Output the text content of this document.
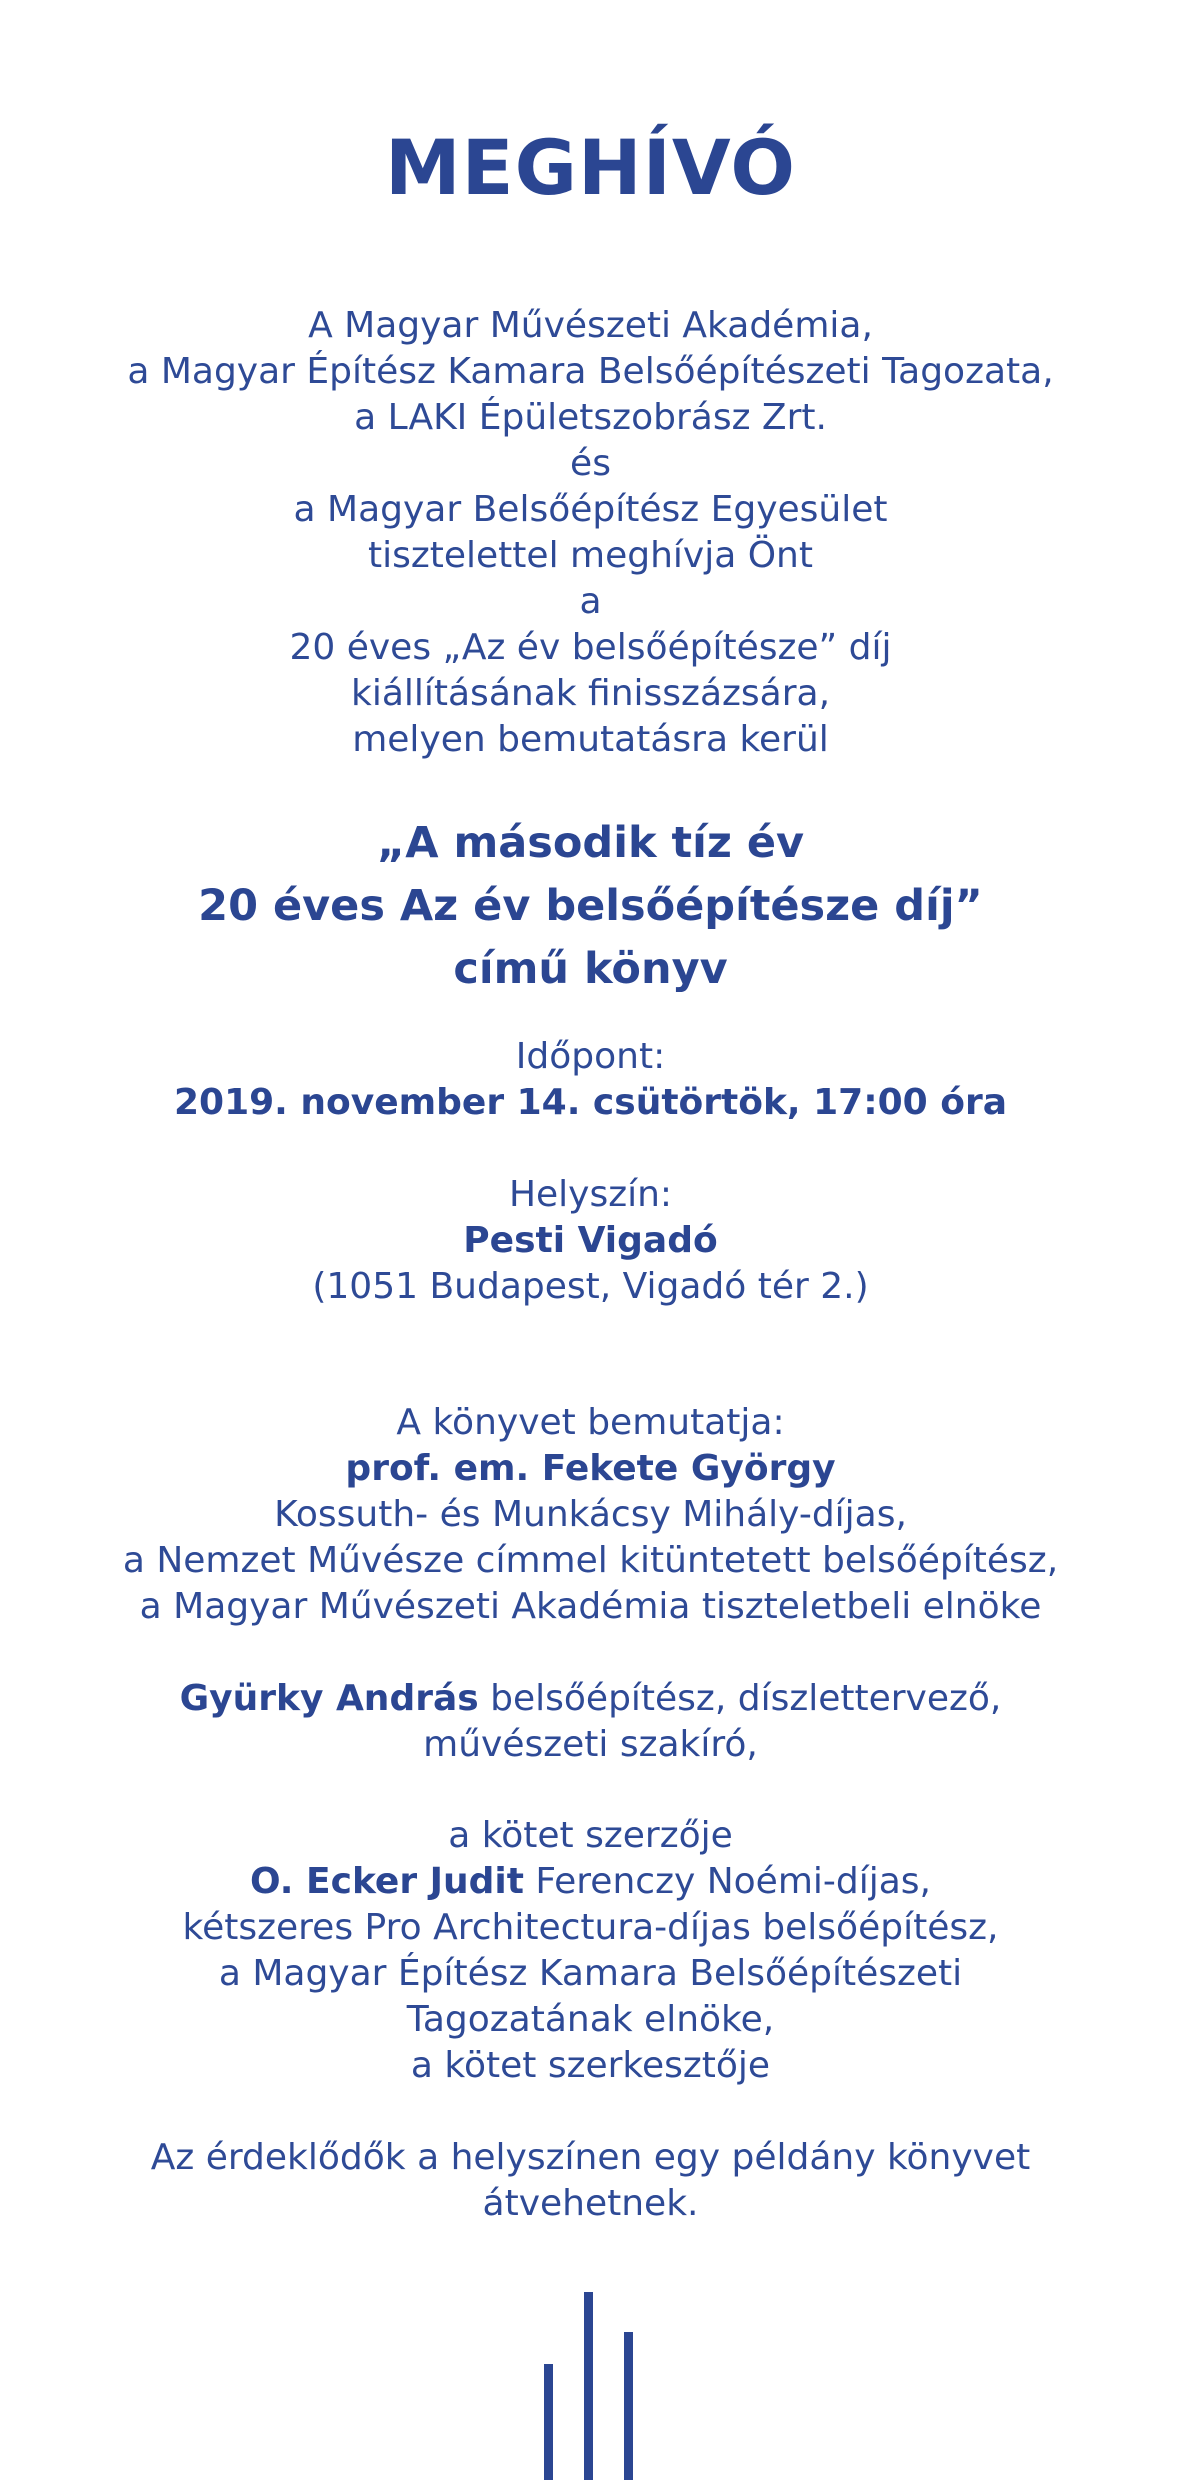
MEGHÍVÓ
A Magyar Művészeti Akadémia,
a Magyar Építész Kamara Belsőépítészeti Tagozata,
a LAKI Épületszobrász Zrt.
és
a Magyar Belsőépítész Egyesület
tisztelettel meghívja Önt
a
20 éves „Az év belsőépítésze” díj
kiállításának finisszázsára,
melyen bemutatásra kerül
„A második tíz év
20 éves Az év belsőépítésze díj”
című könyv
Időpont:
2019. november 14. csütörtök, 17:00 óra
Helyszín:
Pesti Vigadó
(1051 Budapest, Vigadó tér 2.)
A könyvet bemutatja:
prof. em. Fekete György
Kossuth- és Munkácsy Mihály-díjas,
a Nemzet Művésze címmel kitüntetett belsőépítész,
a Magyar Művészeti Akadémia tiszteletbeli elnöke
Gyürky András belsőépítész, díszlettervező,
művészeti szakíró,
a kötet szerzője
O. Ecker Judit Ferenczy Noémi-díjas,
kétszeres Pro Architectura-díjas belsőépítész,
a Magyar Építész Kamara Belsőépítészeti
Tagozatának elnöke,
a kötet szerkesztője
Az érdeklődők a helyszínen egy példány könyvet
átvehetnek.
